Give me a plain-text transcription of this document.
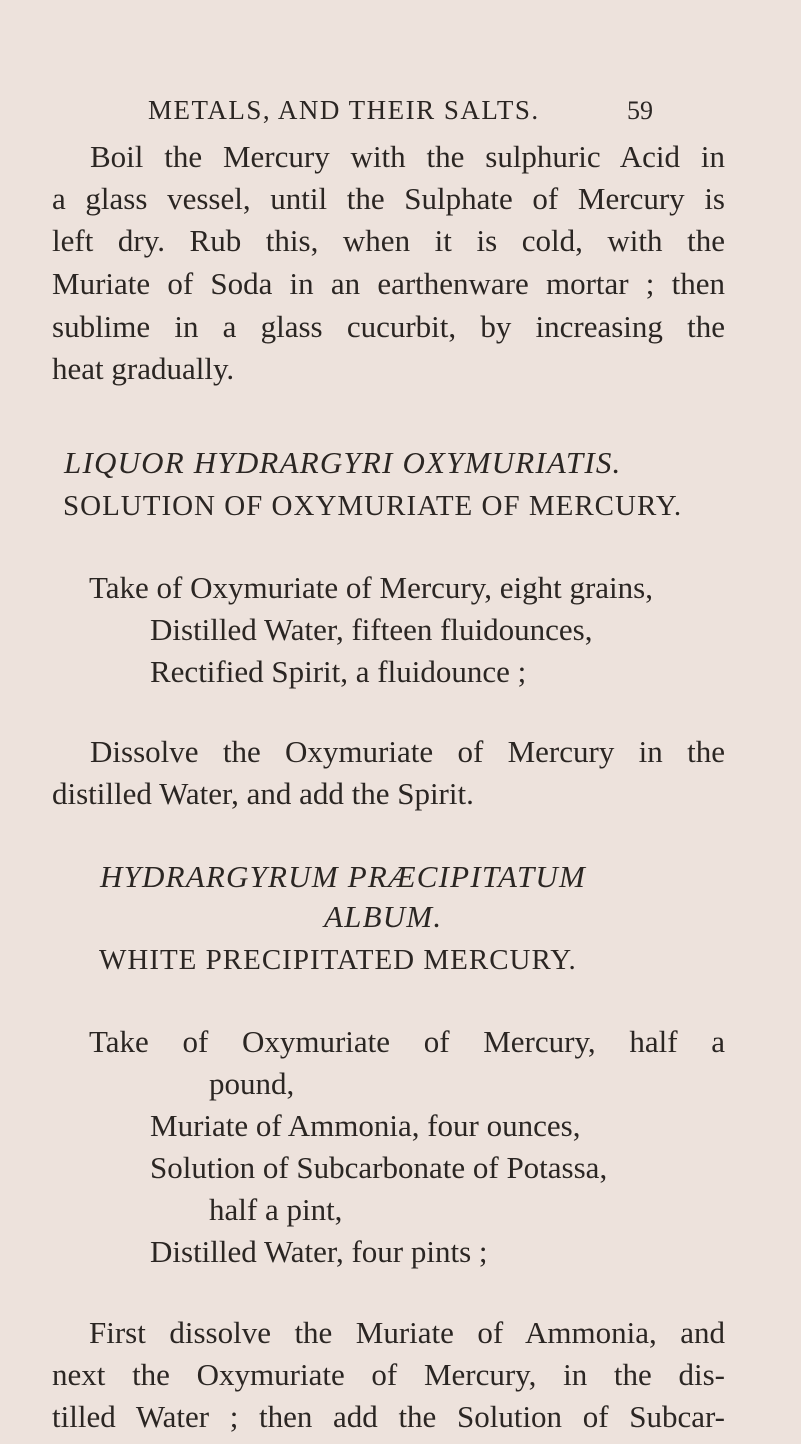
METALS, AND THEIR SALTS.	59
Boil the Mercury with the sulphuric Acid in
a glass vessel, until the Sulphate of Mercury is
left dry. Rub this, when it is cold, with the
Muriate of Soda in an earthenware mortar ; then
sublime in a glass cucurbit, by increasing the
heat gradually.
LIQUOR HYDRARGYRI OXYMURIATIS.
SOLUTION OF OXYMURIATE OF MERCURY.
Take of Oxymuriate of Mercury, eight grains,
Distilled Water, fifteen fluidounces,
Rectified Spirit, a fluidounce ;
Dissolve the Oxymuriate of Mercury in the
distilled Water, and add the Spirit.
HYDRARGYRUM PRÆCIPITATUM
ALBUM.
WHITE PRECIPITATED MERCURY.
Take of Oxymuriate of Mercury, half a
pound,
Muriate of Ammonia, four ounces,
Solution of Subcarbonate of Potassa,
half a pint,
Distilled Water, four pints ;
First dissolve the Muriate of Ammonia, and
next the Oxymuriate of Mercury, in the dis-
tilled Water ; then add the Solution of Subcar-
